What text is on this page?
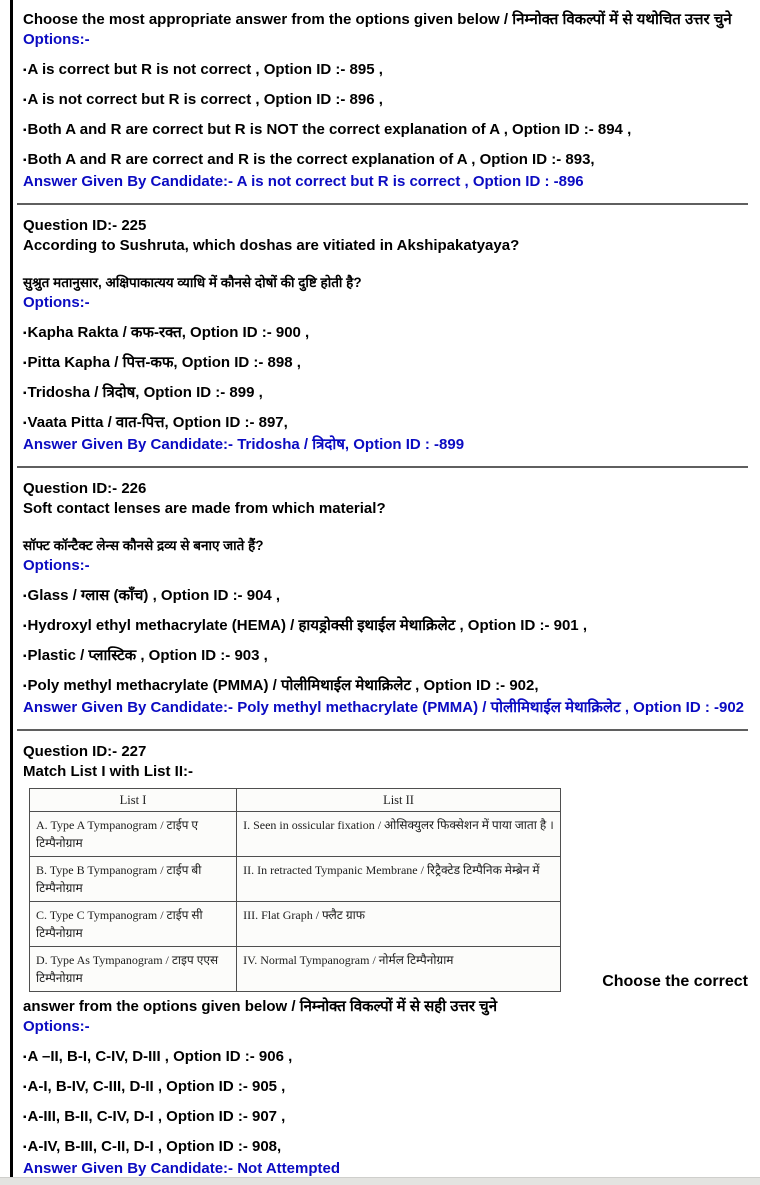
Choose the most appropriate answer from the options given below / निम्नोक्त विकल्पों में से यथोचित उत्तर चुने

Options:-
▪A is correct but R is not correct , Option ID :- 895 ,
▪A is not correct but R is correct , Option ID :- 896 ,
▪Both A and R are correct but R is NOT the correct explanation of A , Option ID :- 894 ,
▪Both A and R are correct and R is the correct explanation of A , Option ID :- 893,
Answer Given By Candidate:- A is not correct but R is correct , Option ID : -896
Question ID:- 225
According to Sushruta, which doshas are vitiated in Akshipakatyaya?
सुश्रुत मतानुसार, अक्षिपाकात्यय व्याधि में कौनसे दोषों की दुष्टि होती है?
Options:-
▪Kapha Rakta / कफ-रक्त, Option ID :- 900 ,
▪Pitta Kapha / पित्त-कफ, Option ID :- 898 ,
▪Tridosha / त्रिदोष, Option ID :- 899 ,
▪Vaata Pitta / वात-पित्त, Option ID :- 897,
Answer Given By Candidate:- Tridosha / त्रिदोष, Option ID : -899
Question ID:- 226
Soft contact lenses are made from which material?
सॉफ्ट कॉन्टैक्ट लेन्स कौनसे द्रव्य से बनाए जाते हैं?
Options:-
▪Glass / ग्लास (काँच) , Option ID :- 904 ,
▪Hydroxyl ethyl methacrylate (HEMA) / हायड्रोक्सी इथाईल मेथाक्रिलेट , Option ID :- 901 ,
▪Plastic / प्लास्टिक , Option ID :- 903 ,
▪Poly methyl methacrylate (PMMA) / पोलीमिथाईल मेथाक्रिलेट , Option ID :- 902,
Answer Given By Candidate:- Poly methyl methacrylate (PMMA) / पोलीमिथाईल मेथाक्रिलेट , Option ID : -902
Question ID:- 227
Match List I with List II:-
List I	List II
A. Type A Tympanogram / टाईप ए टिम्पैनोग्राम	I. Seen in ossicular fixation / ओसिक्युलर फिक्सेशन में पाया जाता है ।
B. Type B Tympanogram / टाईप बी टिम्पैनोग्राम	II. In retracted Tympanic Membrane / रिट्रैक्टेड टिम्पैनिक मेम्ब्रेन में
C. Type C Tympanogram / टाईप सी टिम्पैनोग्राम	III. Flat Graph / फ्लैट ग्राफ
D. Type As Tympanogram / टाइप एएस टिम्पैनोग्राम	IV. Normal Tympanogram / नोर्मल टिम्पैनोग्राम
Choose the correct
answer from the options given below / निम्नोक्त विकल्पों में से सही उत्तर चुने
Options:-
▪A –II, B-I, C-IV, D-III , Option ID :- 906 ,
▪A-I, B-IV, C-III, D-II , Option ID :- 905 ,
▪A-III, B-II, C-IV, D-I , Option ID :- 907 ,
▪A-IV, B-III, C-II, D-I , Option ID :- 908,
Answer Given By Candidate:- Not Attempted
